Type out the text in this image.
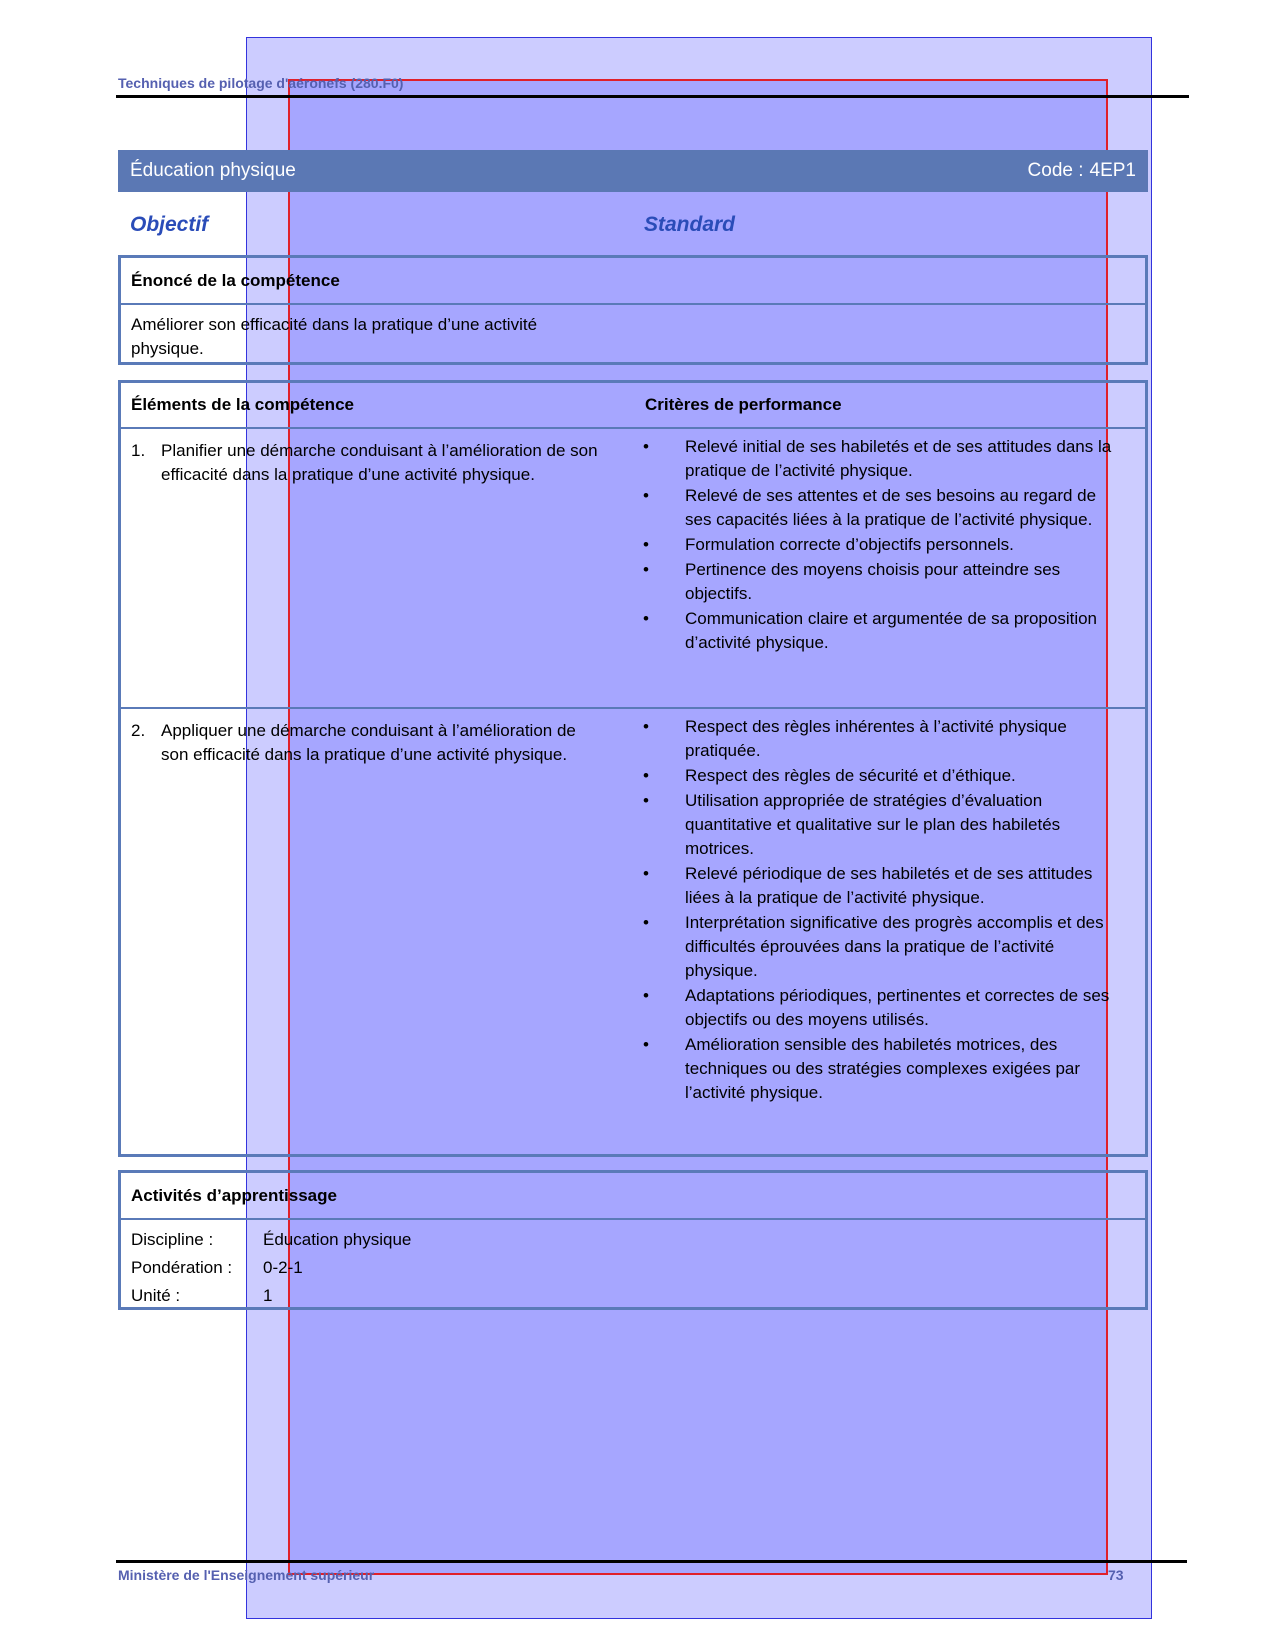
Techniques de pilotage d'aéronefs (280.F0)
Éducation physique	Code : 4EP1
Objectif	Standard
Énoncé de la compétence
Améliorer son efficacité dans la pratique d’une activité physique.
Éléments de la compétence	Critères de performance
1. Planifier une démarche conduisant à l’amélioration de son efficacité dans la pratique d’une activité physique.
•	Relevé initial de ses habiletés et de ses attitudes dans la pratique de l’activité physique.
•	Relevé de ses attentes et de ses besoins au regard de ses capacités liées à la pratique de l’activité physique.
•	Formulation correcte d’objectifs personnels.
•	Pertinence des moyens choisis pour atteindre ses objectifs.
•	Communication claire et argumentée de sa proposition d’activité physique.
2. Appliquer une démarche conduisant à l’amélioration de son efficacité dans la pratique d’une activité physique.
•	Respect des règles inhérentes à l’activité physique pratiquée.
•	Respect des règles de sécurité et d’éthique.
•	Utilisation appropriée de stratégies d’évaluation quantitative et qualitative sur le plan des habiletés motrices.
•	Relevé périodique de ses habiletés et de ses attitudes liées à la pratique de l’activité physique.
•	Interprétation significative des progrès accomplis et des difficultés éprouvées dans la pratique de l’activité physique.
•	Adaptations périodiques, pertinentes et correctes de ses objectifs ou des moyens utilisés.
•	Amélioration sensible des habiletés motrices, des techniques ou des stratégies complexes exigées par l’activité physique.
Activités d’apprentissage
Discipline :	Éducation physique
Pondération :	0-2-1
Unité :	1
Ministère de l'Enseignement supérieur	73
